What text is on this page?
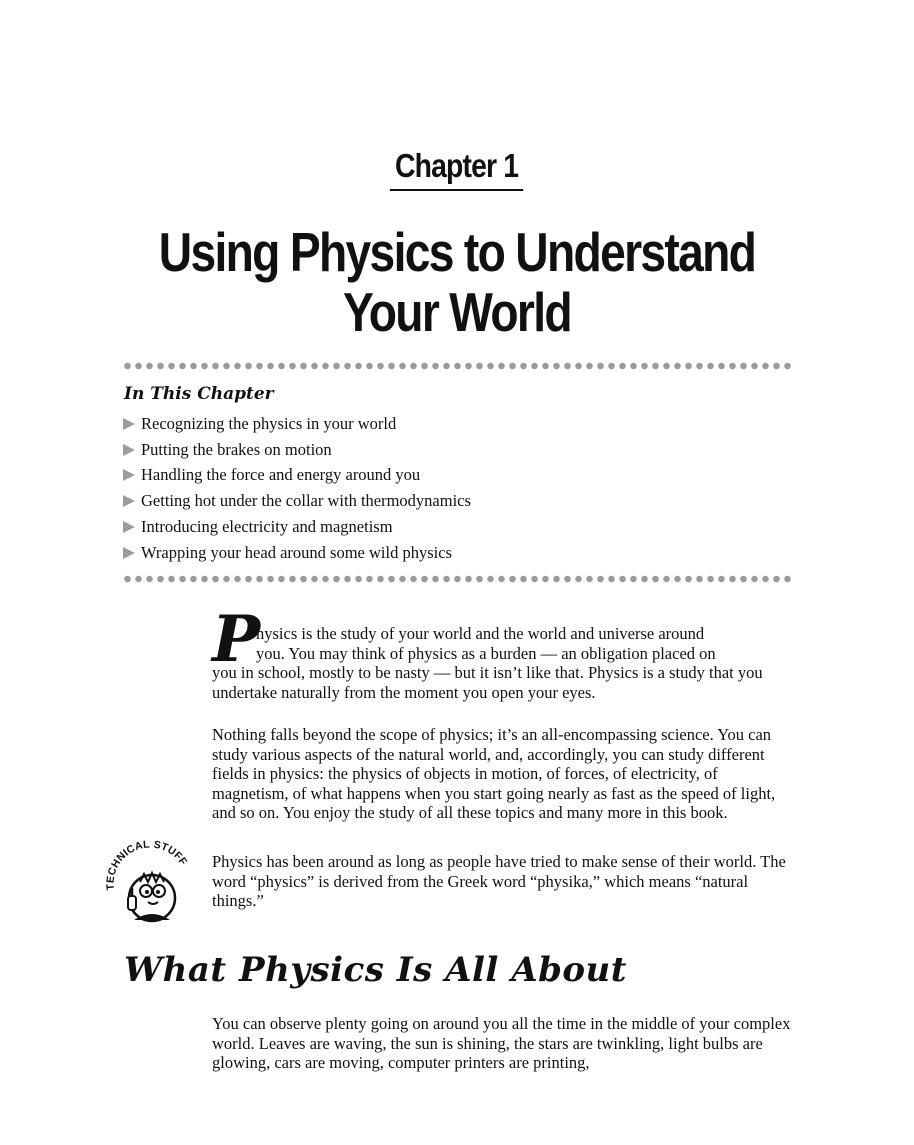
Chapter 1
Using Physics to Understand
Your World
In This Chapter
Recognizing the physics in your world
Putting the brakes on motion
Handling the force and energy around you
Getting hot under the collar with thermodynamics
Introducing electricity and magnetism
Wrapping your head around some wild physics
P
hysics is the study of your world and the world and universe around
you. You may think of physics as a burden — an obligation placed on
you in school, mostly to be nasty — but it isn’t like that. Physics is a study that you undertake naturally from the moment you open your eyes.

Nothing falls beyond the scope of physics; it’s an all-encompassing science. You can study various aspects of the natural world, and, accordingly, you can study different fields in physics: the physics of objects in motion, of forces, of electricity, of magnetism, of what happens when you start going nearly as fast as the speed of light, and so on. You enjoy the study of all these topics and many more in this book.

TECHNICAL STUFF Physics has been around as long as people have tried to make sense of their world. The word “physics” is derived from the Greek word “physika,” which means “natural things.”

What Physics Is All About

You can observe plenty going on around you all the time in the middle of your complex world. Leaves are waving, the sun is shining, the stars are twinkling, light bulbs are glowing, cars are moving, computer printers are printing,
